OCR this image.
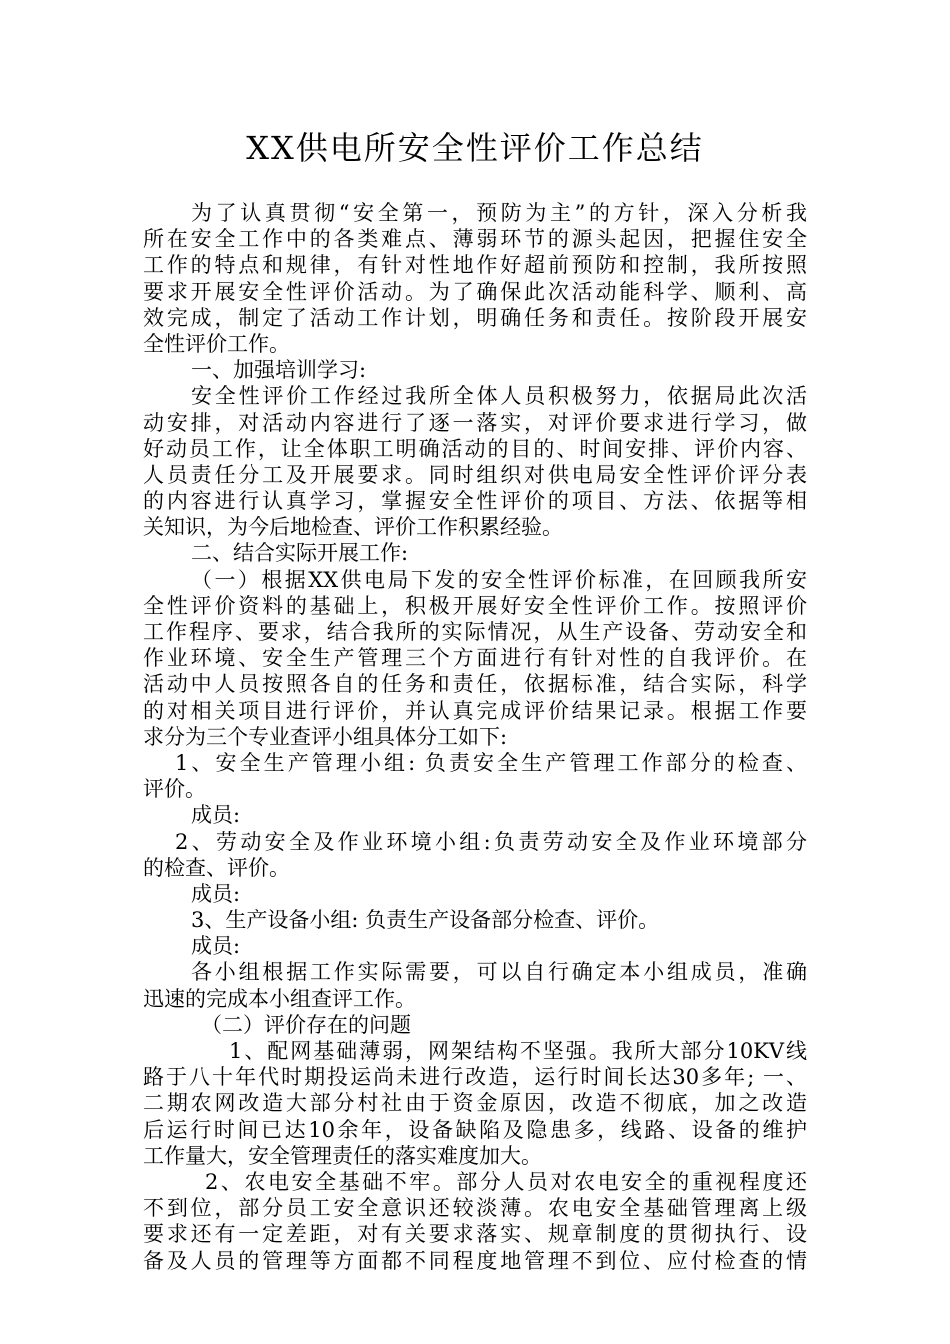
XX供电所安全性评价工作总结
为了认真贯彻“安全第一，预防为主”的方针，深入分析我
所在安全工作中的各类难点、薄弱环节的源头起因，把握住安全
工作的特点和规律，有针对性地作好超前预防和控制，我所按照
要求开展安全性评价活动。为了确保此次活动能科学、顺利、高
效完成，制定了活动工作计划，明确任务和责任。按阶段开展安
全性评价工作。
一、加强培训学习:
安全性评价工作经过我所全体人员积极努力，依据局此次活
动安排，对活动内容进行了逐一落实，对评价要求进行学习，做
好动员工作，让全体职工明确活动的目的、时间安排、评价内容、
人员责任分工及开展要求。同时组织对供电局安全性评价评分表
的内容进行认真学习，掌握安全性评价的项目、方法、依据等相
关知识，为今后地检查、评价工作积累经验。
二、结合实际开展工作:
（一）根据XX供电局下发的安全性评价标准，在回顾我所安
全性评价资料的基础上，积极开展好安全性评价工作。按照评价
工作程序、要求，结合我所的实际情况，从生产设备、劳动安全和
作业环境、安全生产管理三个方面进行有针对性的自我评价。在
活动中人员按照各自的任务和责任，依据标准，结合实际，科学
的对相关项目进行评价，并认真完成评价结果记录。根据工作要
求分为三个专业查评小组具体分工如下:
1、安全生产管理小组: 负责安全生产管理工作部分的检查、
评价。
成员:
2、劳动安全及作业环境小组:负责劳动安全及作业环境部分
的检查、评价。
成员:
3、生产设备小组: 负责生产设备部分检查、评价。
成员:
各小组根据工作实际需要，可以自行确定本小组成员，准确
迅速的完成本小组查评工作。
（二）评价存在的问题
1、配网基础薄弱，网架结构不坚强。我所大部分10KV线
路于八十年代时期投运尚未进行改造，运行时间长达30多年; 一、
二期农网改造大部分村社由于资金原因，改造不彻底，加之改造
后运行时间已达10余年，设备缺陷及隐患多，线路、设备的维护
工作量大，安全管理责任的落实难度加大。
2、农电安全基础不牢。部分人员对农电安全的重视程度还
不到位，部分员工安全意识还较淡薄。农电安全基础管理离上级
要求还有一定差距，对有关要求落实、规章制度的贯彻执行、设
备及人员的管理等方面都不同程度地管理不到位、应付检查的情
